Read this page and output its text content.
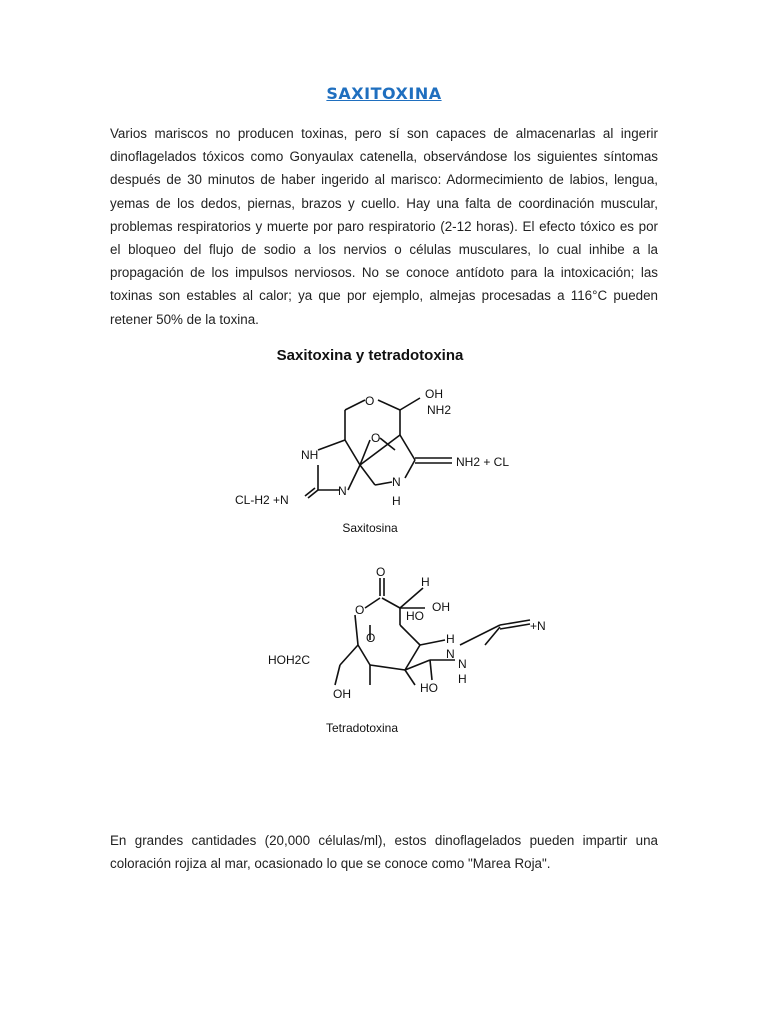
SAXITOXINA

Varios mariscos no producen toxinas, pero sí son capaces de almacenarlas al ingerir dinoflagelados tóxicos como Gonyaulax catenella, observándose los siguientes síntomas después de 30 minutos de haber ingerido al marisco: Adormecimiento de labios, lengua, yemas de los dedos, piernas, brazos y cuello. Hay una falta de coordinación muscular, problemas respiratorios y muerte por paro respiratorio (2-12 horas). El efecto tóxico es por el bloqueo del flujo de sodio a los nervios o células musculares, lo cual inhibe a la propagación de los impulsos nerviosos. No se conoce antídoto para la intoxicación; las toxinas son estables al calor; ya que por ejemplo, almejas procesadas a 116°C pueden retener 50% de la toxina.

Saxitoxina y tetradotoxina
O	OH
NH2
O
NH
N
N
H
NH2 + CL
CL-H2 +N
Saxitosina
O
H
O	HO
OH
O	H
N
+N
HOH2C	N
H
OH	HO
Tetradotoxina

En grandes cantidades (20,000 células/ml), estos dinoflagelados pueden impartir una coloración rojiza al mar, ocasionado lo que se conoce como "Marea Roja".
